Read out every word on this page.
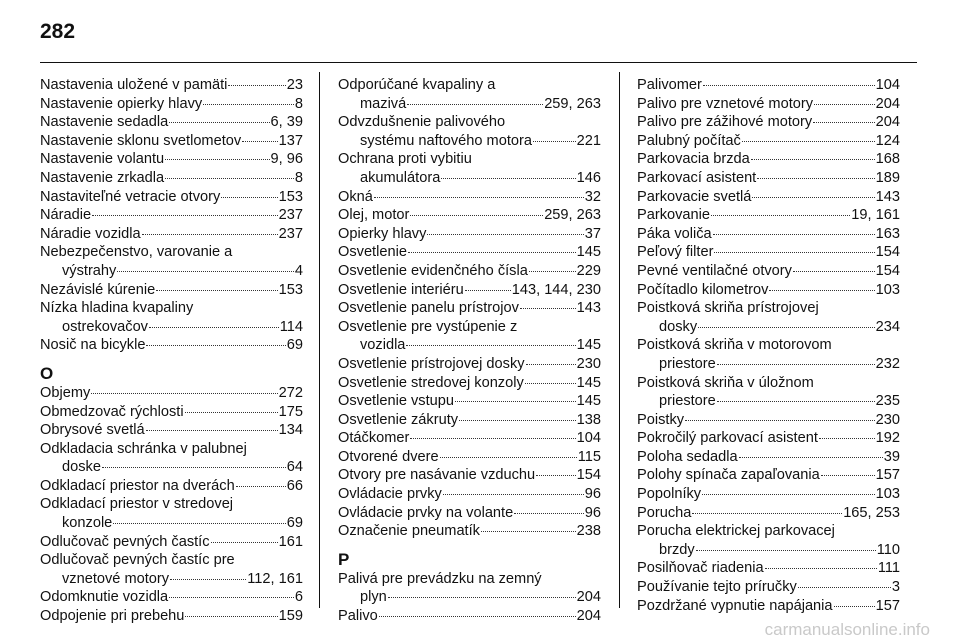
282
Nastavenia uložené v pamäti	23
Nastavenie opierky hlavy	8
Nastavenie sedadla	6, 39
Nastavenie sklonu svetlometov	137
Nastavenie volantu	9, 96
Nastavenie zrkadla	8
Nastaviteľné vetracie otvory	153
Náradie	237
Náradie vozidla	237
Nebezpečenstvo, varovanie a
výstrahy	4
Nezávislé kúrenie	153
Nízka hladina kvapaliny
ostrekovačov	114
Nosič na bicykle	69
O
Objemy	272
Obmedzovač rýchlosti	175
Obrysové svetlá	134
Odkladacia schránka v palubnej
doske	64
Odkladací priestor na dverách	66
Odkladací priestor v stredovej
konzole	69
Odlučovač pevných častíc	161
Odlučovač pevných častíc pre
vznetové motory	112, 161
Odomknutie vozidla	6
Odpojenie pri prebehu	159
Odporúčané kvapaliny a
mazivá	259, 263
Odvzdušnenie palivového
systému naftového motora	221
Ochrana proti vybitiu
akumulátora	146
Okná	32
Olej, motor	259, 263
Opierky hlavy	37
Osvetlenie	145
Osvetlenie evidenčného čísla	229
Osvetlenie interiéru	143, 144, 230
Osvetlenie panelu prístrojov	143
Osvetlenie pre vystúpenie z
vozidla	145
Osvetlenie prístrojovej dosky	230
Osvetlenie stredovej konzoly	145
Osvetlenie vstupu	145
Osvetlenie zákruty	138
Otáčkomer	104
Otvorené dvere	115
Otvory pre nasávanie vzduchu	154
Ovládacie prvky	96
Ovládacie prvky na volante	96
Označenie pneumatík	238
P
Palivá pre prevádzku na zemný
plyn	204
Palivo	204
Palivomer	104
Palivo pre vznetové motory	204
Palivo pre zážihové motory	204
Palubný počítač	124
Parkovacia brzda	168
Parkovací asistent	189
Parkovacie svetlá	143
Parkovanie	19, 161
Páka voliča	163
Peľový filter	154
Pevné ventilačné otvory	154
Počítadlo kilometrov	103
Poistková skriňa prístrojovej
dosky	234
Poistková skriňa v motorovom
priestore	232
Poistková skriňa v úložnom
priestore	235
Poistky	230
Pokročilý parkovací asistent	192
Poloha sedadla	39
Polohy spínača zapaľovania	157
Popolníky	103
Porucha	165, 253
Porucha elektrickej parkovacej
brzdy	110
Posilňovač riadenia	111
Používanie tejto príručky	3
Pozdržané vypnutie napájania	157
carmanualsonline.info
